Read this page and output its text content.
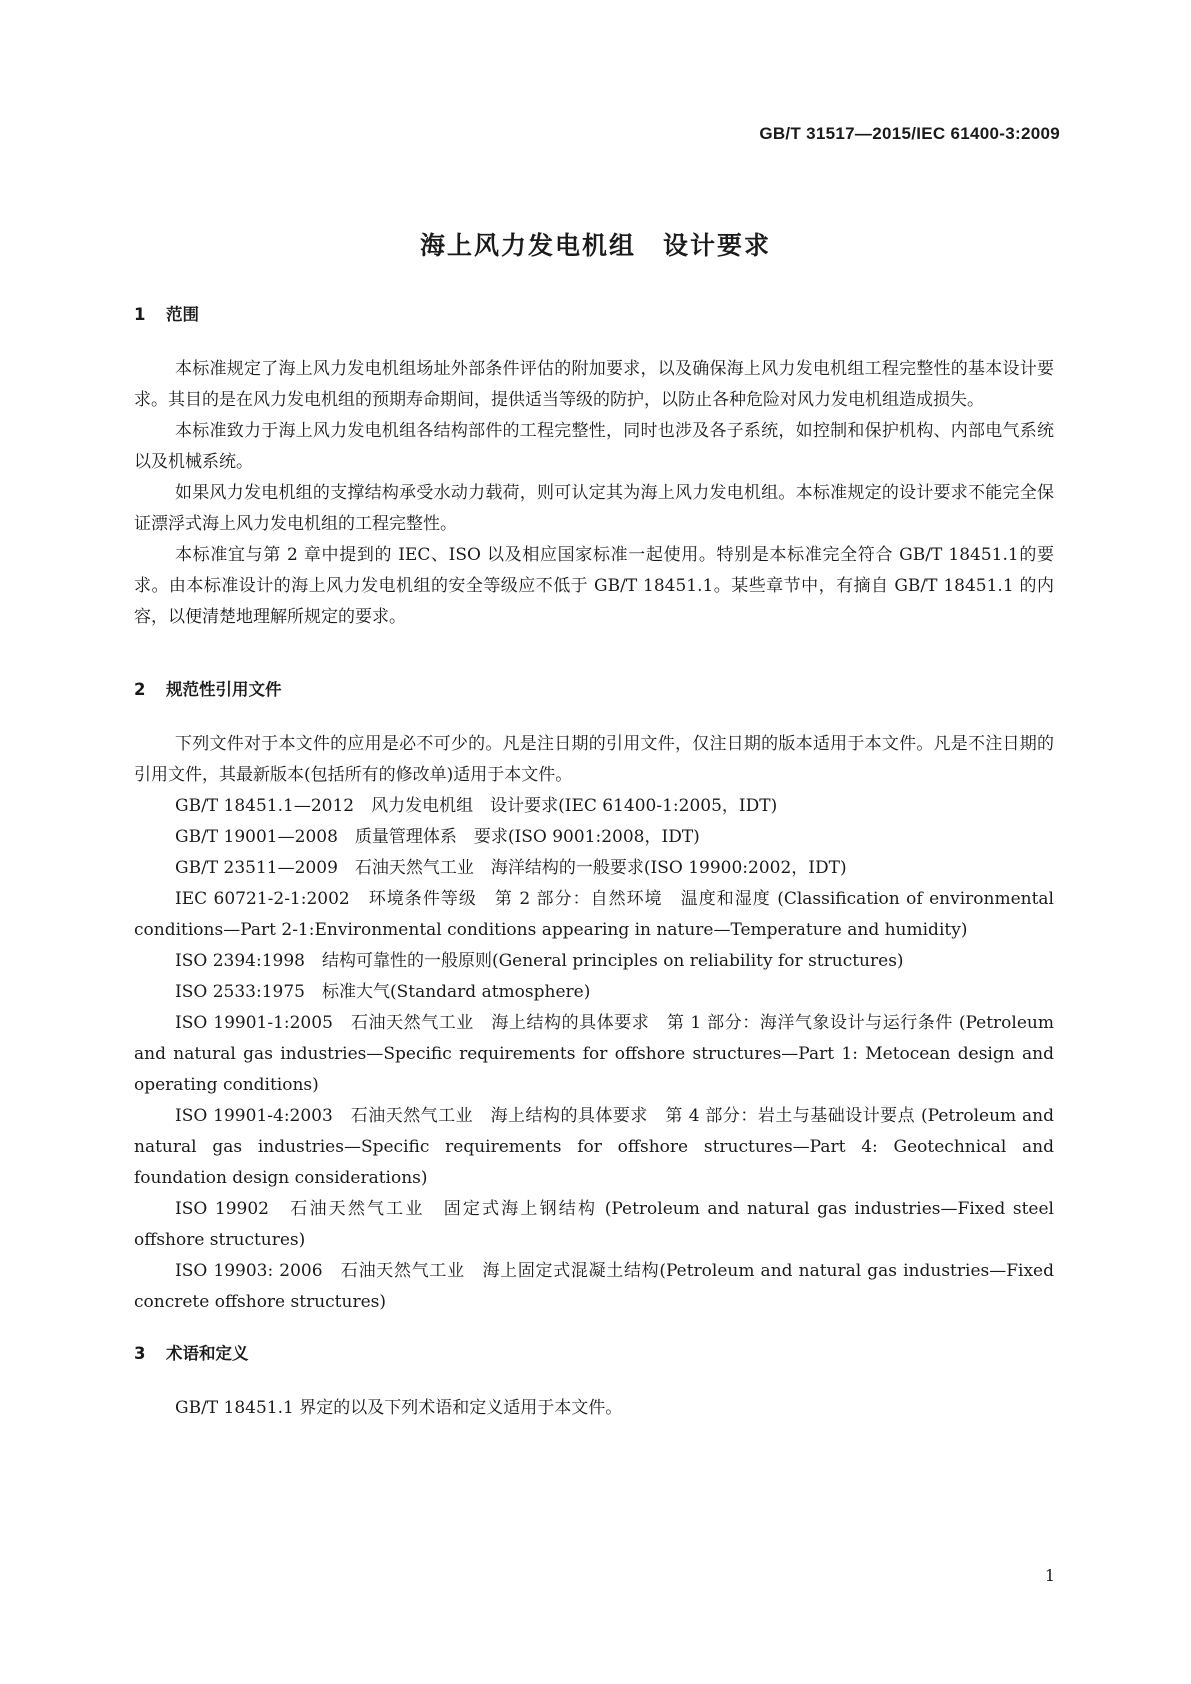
GB/T 31517—2015/IEC 61400-3:2009
海上风力发电机组　设计要求
1 范围

本标准规定了海上风力发电机组场址外部条件评估的附加要求，以及确保海上风力发电机组工程完整性的基本设计要求。其目的是在风力发电机组的预期寿命期间，提供适当等级的防护，以防止各种危险对风力发电机组造成损失。

本标准致力于海上风力发电机组各结构部件的工程完整性，同时也涉及各子系统，如控制和保护机构、内部电气系统以及机械系统。

如果风力发电机组的支撑结构承受水动力载荷，则可认定其为海上风力发电机组。本标准规定的设计要求不能完全保证漂浮式海上风力发电机组的工程完整性。

本标准宜与第 2 章中提到的 IEC、ISO 以及相应国家标准一起使用。特别是本标准完全符合 GB/T 18451.1的要求。由本标准设计的海上风力发电机组的安全等级应不低于 GB/T 18451.1。某些章节中，有摘自 GB/T 18451.1 的内容，以便清楚地理解所规定的要求。

2 规范性引用文件

下列文件对于本文件的应用是必不可少的。凡是注日期的引用文件，仅注日期的版本适用于本文件。凡是不注日期的引用文件，其最新版本(包括所有的修改单)适用于本文件。

GB/T 18451.1—2012　风力发电机组　设计要求(IEC 61400-1:2005，IDT)

GB/T 19001—2008　质量管理体系　要求(ISO 9001:2008，IDT)

GB/T 23511—2009　石油天然气工业　海洋结构的一般要求(ISO 19900:2002，IDT)

IEC 60721-2-1:2002　环境条件等级　第 2 部分：自然环境　温度和湿度 (Classification of environmental conditions—Part 2-1:Environmental conditions appearing in nature—Temperature and humidity)

ISO 2394:1998　结构可靠性的一般原则(General principles on reliability for structures)

ISO 2533:1975　标准大气(Standard atmosphere)

ISO 19901-1:2005　石油天然气工业　海上结构的具体要求　第 1 部分：海洋气象设计与运行条件 (Petroleum and natural gas industries—Specific requirements for offshore structures—Part 1: Metocean design and operating conditions)

ISO 19901-4:2003　石油天然气工业　海上结构的具体要求　第 4 部分：岩土与基础设计要点 (Petroleum and natural gas industries—Specific requirements for offshore structures—Part 4: Geotechnical and foundation design considerations)

ISO 19902　石油天然气工业　固定式海上钢结构 (Petroleum and natural gas industries—Fixed steel offshore structures)

ISO 19903: 2006　石油天然气工业　海上固定式混凝土结构(Petroleum and natural gas industries—Fixed concrete offshore structures)

3 术语和定义

GB/T 18451.1 界定的以及下列术语和定义适用于本文件。

1
